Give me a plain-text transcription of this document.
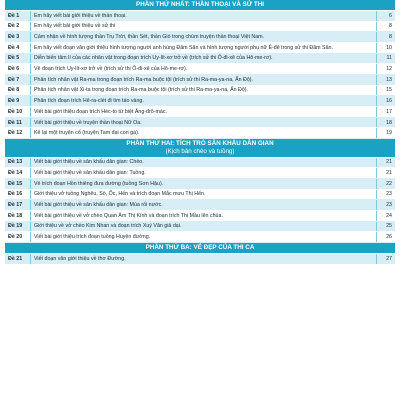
PHẦN THỨ NHẤT: THẦN THOẠI VÀ SỬ THI
Đề 1	Em hãy viết bài giới thiệu về thần thoại.	6
Đề 2	Em hãy viết bài giới thiệu về sử thi	8
Đề 3	Cảm nhận về hình tượng thần Trụ Trời, thần Sét, thần Gió trong chùm truyện thần thoại Việt Nam.	8
Đề 4	Em hãy viết đoạn văn giới thiệu hình tượng người anh hùng Đăm Săn và hình tượng người phụ nữ Ê-đê trong sử thi Đăm Săn.	10
Đề 5	Diễn biến tâm lí của các nhân vật trong đoạn trích Uy-lít-xơ trở về (trích sử thi Ô-đi-xê của Hô-me-rơ).	11
Đề 6	Vẻ đoạn trích Uy-lít-xơ trở về (trích sử thi Ô-đi-xê của Hô-me-rơ).	12
Đề 7	Phân tích nhân vật Ra-ma trong đoạn trích Ra-ma buộc tội (trích sử thi Ra-ma-ya-na, Ấn Độ).	13
Đề 8	Phân tích nhân vật Xi-ta trong đoạn trích Ra-ma buộc tội (trích sử thi Ra-ma-ya-na, Ấn Độ).	15
Đề 9	Phân tích đoạn trích Hê-ra-clét đi tìm táo vàng.	16
Đề 10	Viết bài giới thiệu đoạn trích Héc-to từ biệt Ăng-đrô-mác.	17
Đề 11	Viết bài giới thiệu về truyện thần thoại Nữ Oa.	18
Đề 12	Kể lại một truyện cổ (truyện Tam đại con gà).	19
PHẦN THỨ HAI: TÍCH TRÒ SÂN KHẤU DÂN GIAN
(Kịch bản chèo và tuồng)
Đề 13	Viết bài giới thiệu về sân khấu dân gian: Chèo.	21
Đề 14	Viết bài giới thiệu về sân khấu dân gian: Tuồng.	21
Đề 15	Vẻ trích đoạn Hồn thiêng đưa đường (tuồng Sơn Hậu).	22
Đề 16	Giới thiệu vở tuồng Nghêu, Sò, Ốc, Hến và trích đoạn Mắc mưu Thị Hến.	23
Đề 17	Viết bài giới thiệu về sân khấu dân gian: Múa rối nước.	23
Đề 18	Viết bài giới thiệu về vở chèo Quan Âm Thị Kính và đoạn trích Thị Mầu lên chùa.	24
Đề 19	Giới thiệu về vở chèo Kim Nhan và đoạn trích Xuý Vân giả dại.	25
Đề 20	Viết bài giới thiệu trích đoạn tuồng Huyện đường.	26
PHẦN THỨ BA: VẺ ĐẸP CỦA THI CA
Đề 21	Viết đoạn văn giới thiệu về thơ Đường.	27
